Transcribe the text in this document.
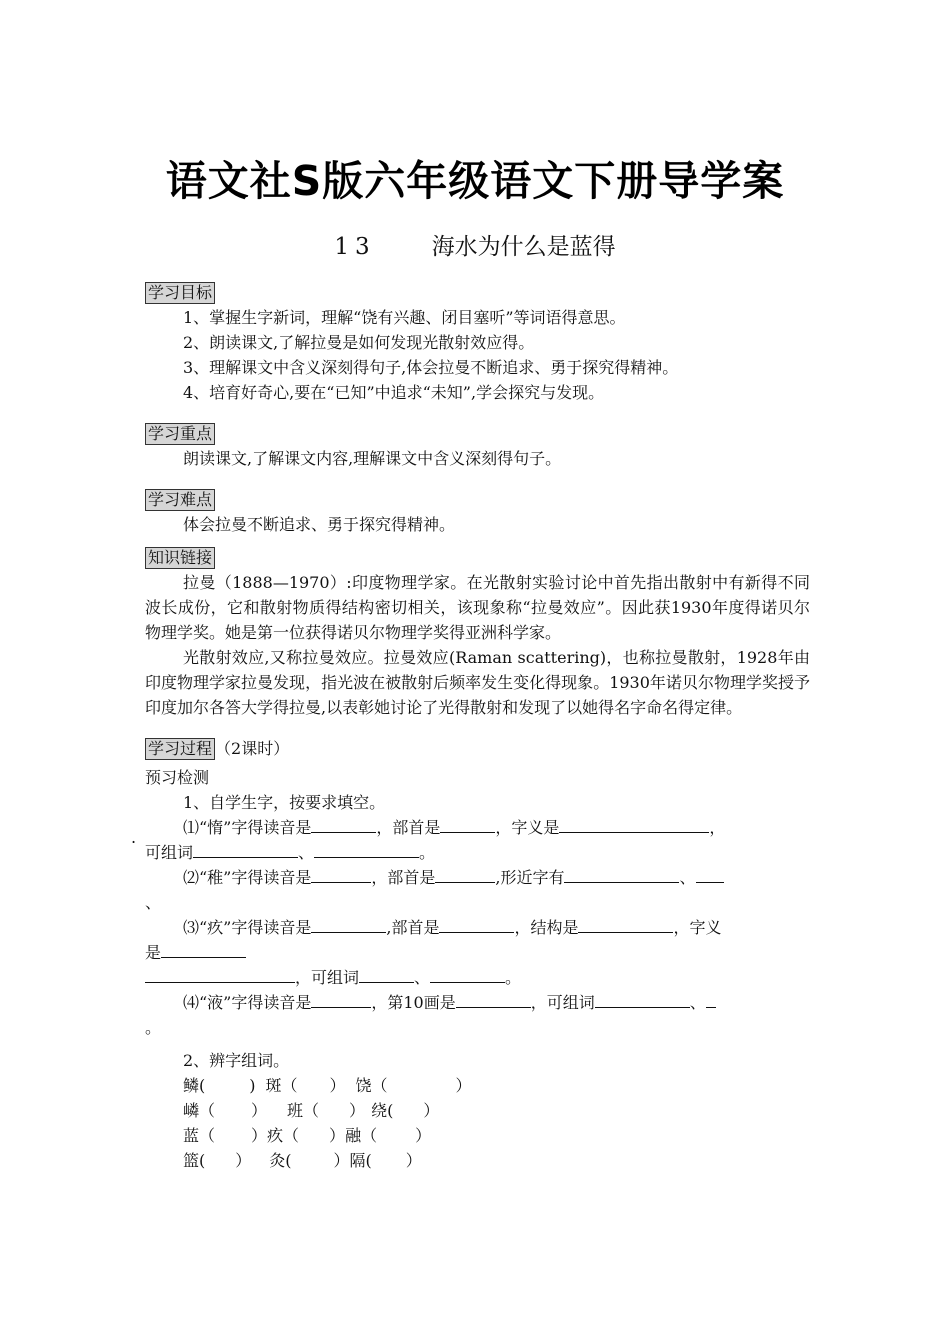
语文社S版六年级语文下册导学案
13 海水为什么是蓝得
.
学习目标
1、掌握生字新词，理解“饶有兴趣、闭目塞听”等词语得意思。
2、朗读课文,了解拉曼是如何发现光散射效应得。
3、理解课文中含义深刻得句子,体会拉曼不断追求、勇于探究得精神。
4、培育好奇心,要在“已知”中追求“未知”,学会探究与发现。
学习重点
朗读课文,了解课文内容,理解课文中含义深刻得句子。
学习难点
体会拉曼不断追求、勇于探究得精神。
知识链接
拉曼（1888—1970）:印度物理学家。在光散射实验讨论中首先指出散射中有新得不同波长成份，它和散射物质得结构密切相关，该现象称“拉曼效应”。因此获1930年度得诺贝尔物理学奖。她是第一位获得诺贝尔物理学奖得亚洲科学家。
光散射效应,又称拉曼效应。拉曼效应(Raman scattering)，也称拉曼散射，1928年由印度物理学家拉曼发现，指光波在被散射后频率发生变化得现象。1930年诺贝尔物理学奖授予印度加尔各答大学得拉曼,以表彰她讨论了光得散射和发现了以她得名字命名得定律。
学习过程 （2课时）
预习检测
1、自学生字，按要求填空。
⑴“惰”字得读音是	，部首是	，字义是	，
可组词	、	。
⑵“稚”字得读音是	，部首是	,形近字有	、
、
⑶“疚”字得读音是	,部首是	，结构是	，字义
是
，可组词	、	。
⑷“液”字得读音是	，第10画是	，可组词	、
。
2、辨字组词。
鳞(	) 斑（ ） 饶（	）
嶙（ ） 班（ ） 绕( ）
蓝（ ）疚（ ）融（ ）
篮( ） 灸(	）隔( ）
